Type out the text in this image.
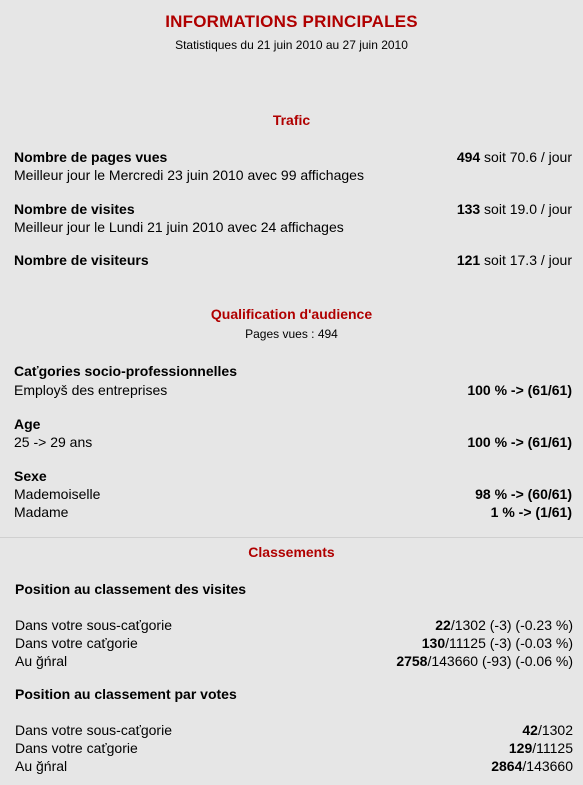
INFORMATIONS PRINCIPALES
Statistiques du 21 juin 2010 au 27 juin 2010
Trafic
Nombre de pages vues	494 soit 70.6 / jour
Meilleur jour le Mercredi 23 juin 2010 avec 99 affichages
Nombre de visites	133 soit 19.0 / jour
Meilleur jour le Lundi 21 juin 2010 avec 24 affichages
Nombre de visiteurs	121 soit 17.3 / jour
Qualification d'audience
Pages vues : 494
Caťgories socio-professionnelles
Employš des entreprises	100 % -> (61/61)
Age
25 -> 29 ans	100 % -> (61/61)
Sexe
Mademoiselle	98 % -> (60/61)
Madame	1 % -> (1/61)
Classements
Position au classement des visites
Dans votre sous-caťgorie	22/1302 (-3) (-0.23 %)
Dans votre caťgorie	130/11125 (-3) (-0.03 %)
Au ğńral	2758/143660 (-93) (-0.06 %)
Position au classement par votes
Dans votre sous-caťgorie	42/1302
Dans votre caťgorie	129/11125
Au ğńral	2864/143660
